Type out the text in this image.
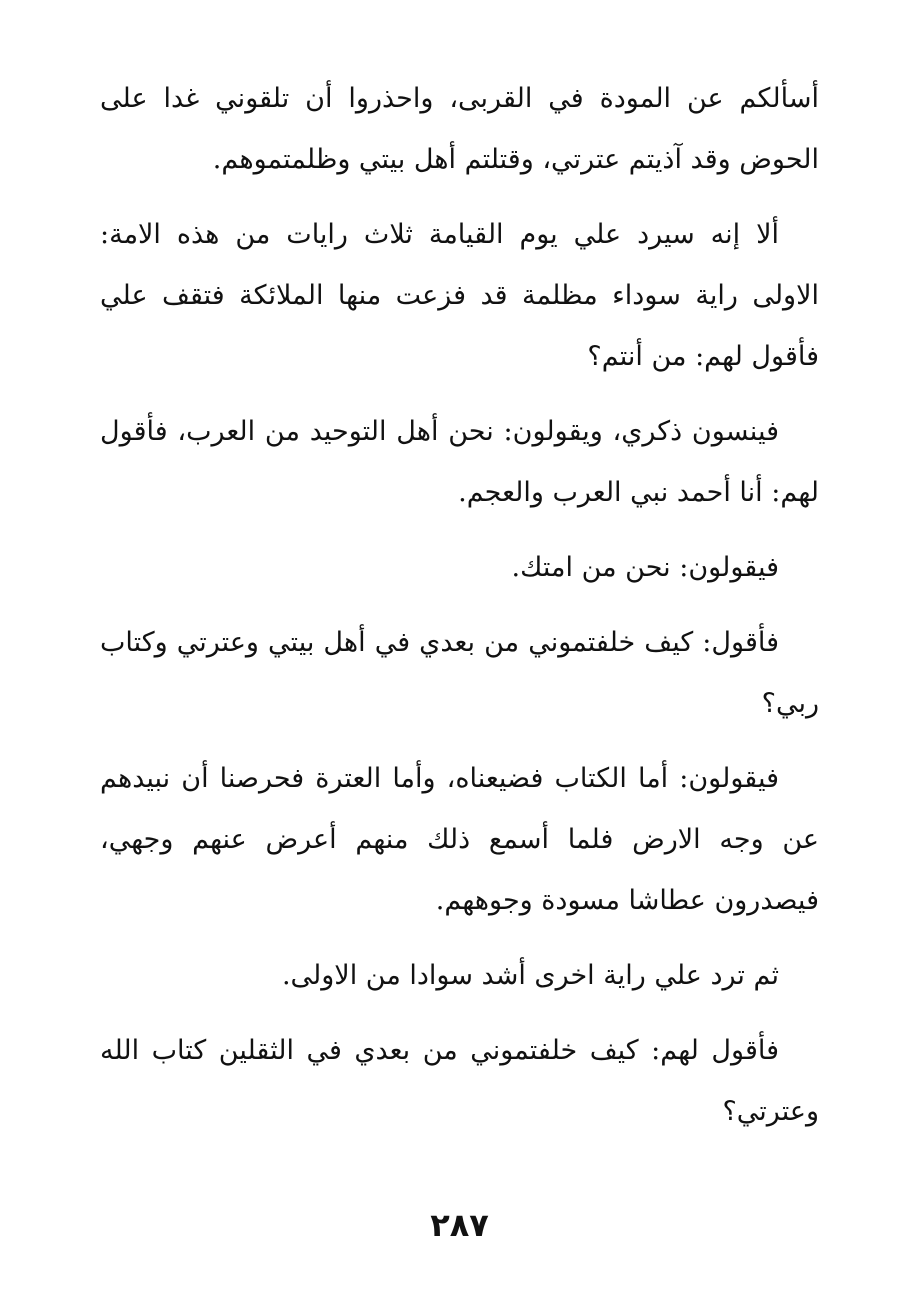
أسألكم عن المودة في القربى، واحذروا أن تلقوني غدا على الحوض وقد آذيتم عترتي، وقتلتم أهل بيتي وظلمتموهم.

ألا إنه سيرد علي يوم القيامة ثلاث رايات من هذه الامة: الاولى راية سوداء مظلمة قد فزعت منها الملائكة فتقف علي فأقول لهم: من أنتم؟

فينسون ذكري، ويقولون: نحن أهل التوحيد من العرب، فأقول لهم: أنا أحمد نبي العرب والعجم.

فيقولون: نحن من امتك.

فأقول: كيف خلفتموني من بعدي في أهل بيتي وعترتي وكتاب ربي؟

فيقولون: أما الكتاب فضيعناه، وأما العترة فحرصنا أن نبيدهم عن وجه الارض فلما أسمع ذلك منهم أعرض عنهم وجهي، فيصدرون عطاشا مسودة وجوههم.

ثم ترد علي راية اخرى أشد سوادا من الاولى.

فأقول لهم: كيف خلفتموني من بعدي في الثقلين كتاب الله وعترتي؟

٢٨٧
